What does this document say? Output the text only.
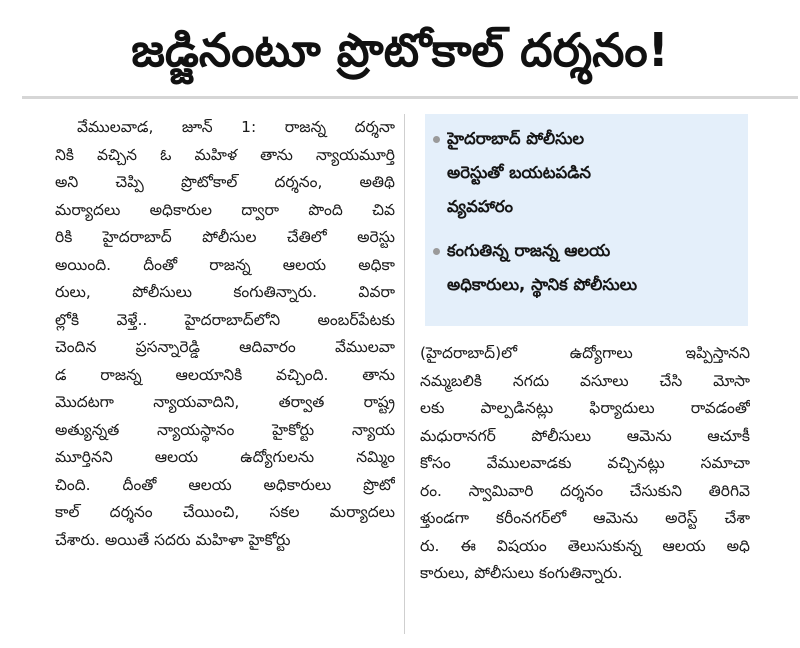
జడ్జినంటూ ప్రొటోకాల్ దర్శనం!
వేములవాడ, జూన్ 1: రాజన్న దర్శనా
నికి వచ్చిన ఓ మహిళ తాను న్యాయమూర్తి
అని చెప్పి ప్రొటోకాల్ దర్శనం, అతిథి
మర్యాదలు అధికారుల ద్వారా పొంది చివ
రికి హైదరాబాద్ పోలీసుల చేతిలో అరెస్టు
అయింది. దీంతో రాజన్న ఆలయ అధికా
రులు, పోలీసులు కంగుతిన్నారు. వివరా
ల్లోకి వెళ్తే.. హైదరాబాద్‌లోని అంబర్‌పేటకు
చెందిన ప్రసన్నారెడ్డి ఆదివారం వేములవా
డ రాజన్న ఆలయానికి వచ్చింది. తాను
మొదటగా న్యాయవాదిని, తర్వాత రాష్ట్ర
అత్యున్నత న్యాయస్థానం హైకోర్టు న్యాయ
మూర్తినని ఆలయ ఉద్యోగులను నమ్మిం
చింది. దీంతో ఆలయ అధికారులు ప్రొటో
కాల్ దర్శనం చేయించి, సకల మర్యాదలు
చేశారు. అయితే సదరు మహిళా హైకోర్టు
హైదరాబాద్ పోలీసుల
అరెస్టుతో బయటపడిన
వ్యవహారం
కంగుతిన్న రాజన్న ఆలయ
అధికారులు, స్థానిక పోలీసులు
(హైదరాబాద్)లో ఉద్యోగాలు ఇప్పిస్తానని
నమ్మబలికి నగదు వసూలు చేసి మోసా
లకు పాల్పడినట్లు ఫిర్యాదులు రావడంతో
మధురానగర్ పోలీసులు ఆమెను ఆచూకీ
కోసం వేములవాడకు వచ్చినట్లు సమాచా
రం. స్వామివారి దర్శనం చేసుకుని తిరిగివె
ళ్తుండగా కరీంనగర్‌లో ఆమెను అరెస్ట్ చేశా
రు. ఈ విషయం తెలుసుకున్న ఆలయ అధి
కారులు, పోలీసులు కంగుతిన్నారు.
